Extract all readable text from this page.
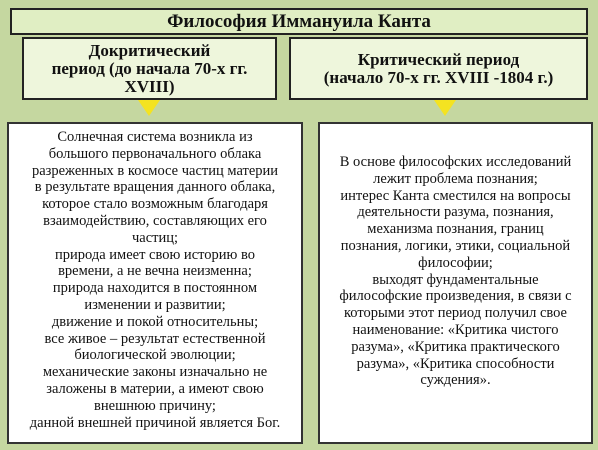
Философия Иммануила Канта
Докритический
период (до начала 70-х гг.
XVIII)
Критический период
(начало 70-х гг. XVIII -1804 г.)
Солнечная система возникла из
большого первоначального облака
разреженных в космосе частиц материи
в результате вращения данного облака,
которое стало возможным благодаря
взаимодействию, составляющих его
частиц;
природа имеет свою историю во
времени, а не вечна неизменна;
природа находится в постоянном
изменении и развитии;
движение и покой относительны;
все живое – результат естественной
биологической эволюции;
механические законы изначально не
заложены в материи, а имеют свою
внешнюю причину;
данной внешней причиной является Бог.
В основе философских исследований
лежит проблема познания;
интерес Канта сместился на вопросы
деятельности разума, познания,
механизма познания, границ
познания, логики, этики, социальной
философии;
выходят фундаментальные
философские произведения, в связи с
которыми этот период получил свое
наименование: «Критика чистого
разума», «Критика практического
разума», «Критика способности
суждения».
